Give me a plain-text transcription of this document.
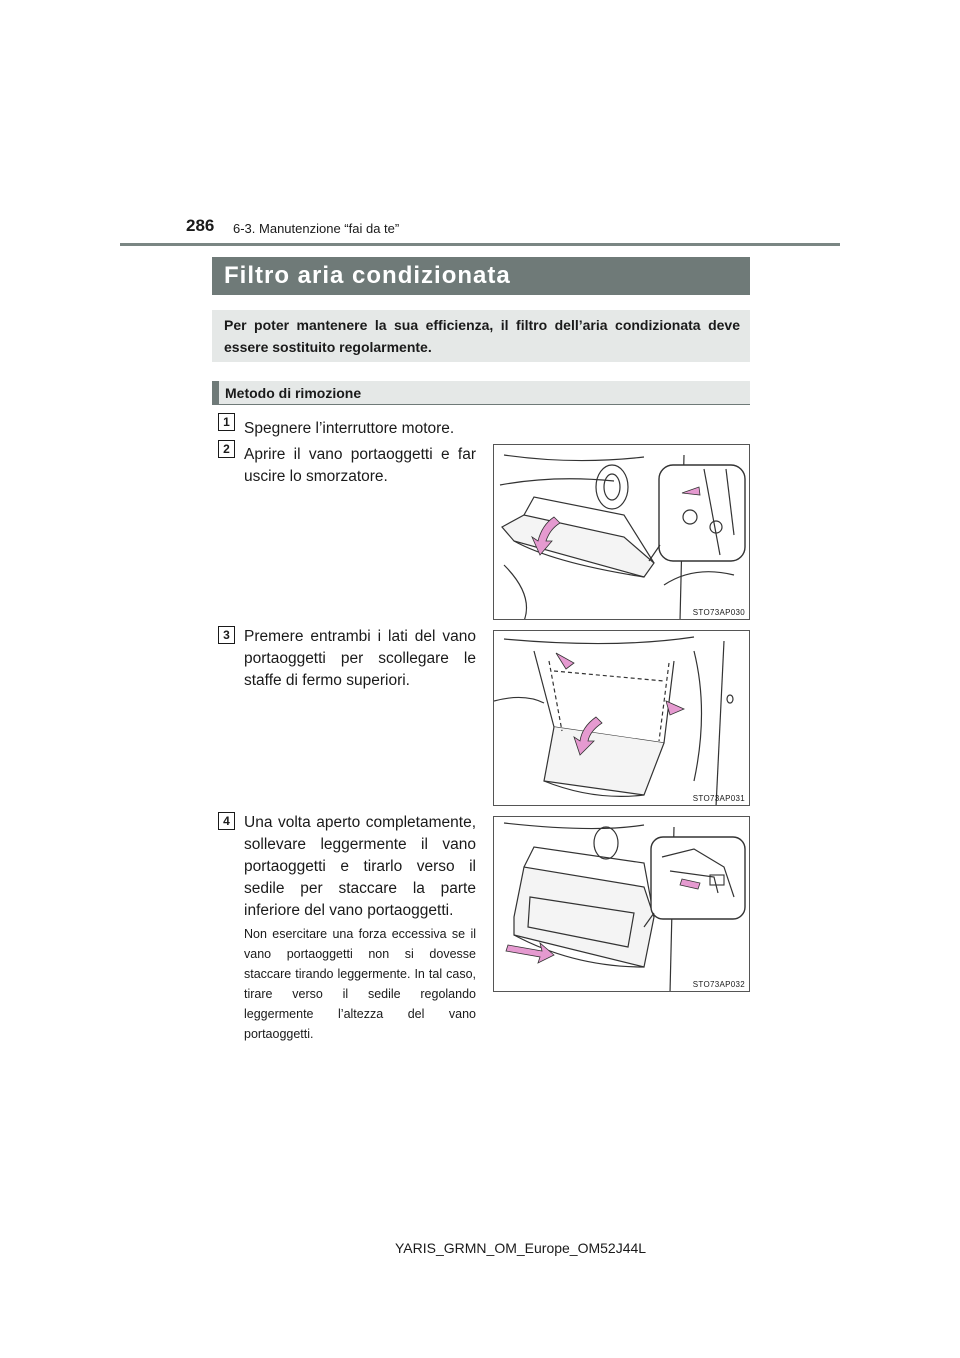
286 6-3. Manutenzione “fai da te”
Filtro aria condizionata
Per poter mantenere la sua efficienza, il filtro dell’aria condizionata deve essere sostituito regolarmente.
Metodo di rimozione
1 Spegnere l’interruttore motore.
2 Aprire il vano portaoggetti e far uscire lo smorzatore.
STO73AP030
3 Premere entrambi i lati del vano portaoggetti per scollegare le staffe di fermo superiori.
STO73AP031
4 Una volta aperto completamente, sollevare leggermente il vano portaoggetti e tirarlo verso il sedile per staccare la parte inferiore del vano portaoggetti.
Non esercitare una forza eccessiva se il vano portaoggetti non si dovesse staccare tirando leggermente. In tal caso, tirare verso il sedile regolando leggermente l’altezza del vano portaoggetti.
STO73AP032
YARIS_GRMN_OM_Europe_OM52J44L
